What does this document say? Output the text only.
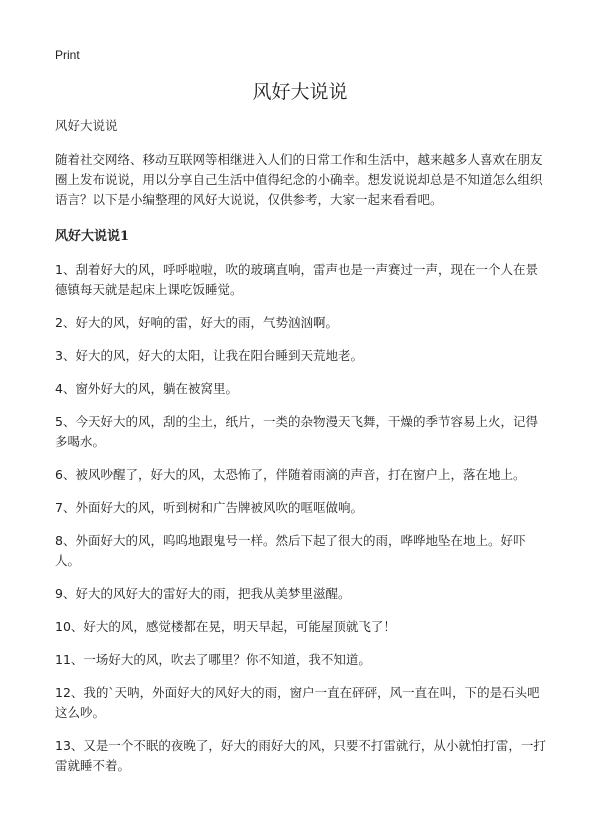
Print
风好大说说

风好大说说

随着社交网络、移动互联网等相继进入人们的日常工作和生活中，越来越多人喜欢在朋友圈上发布说说，用以分享自己生活中值得纪念的小确幸。想发说说却总是不知道怎么组织语言？以下是小编整理的风好大说说，仅供参考，大家一起来看看吧。

风好大说说1

1、刮着好大的风，呼呼啦啦，吹的玻璃直响，雷声也是一声赛过一声，现在一个人在景德镇每天就是起床上课吃饭睡觉。

2、好大的风，好响的雷，好大的雨，气势汹汹啊。

3、好大的风，好大的太阳，让我在阳台睡到天荒地老。

4、窗外好大的风，躺在被窝里。

5、今天好大的风，刮的尘土，纸片，一类的杂物漫天飞舞，干燥的季节容易上火，记得多喝水。

6、被风吵醒了，好大的风，太恐怖了，伴随着雨滴的声音，打在窗户上，落在地上。

7、外面好大的风，听到树和广告牌被风吹的哐哐做响。

8、外面好大的风，呜呜地跟鬼号一样。然后下起了很大的雨，哗哗地坠在地上。好吓人。

9、好大的风好大的雷好大的雨，把我从美梦里滋醒。

10、好大的风，感觉楼都在晃，明天早起，可能屋顶就飞了！

11、一场好大的风，吹去了哪里？你不知道，我不知道。

12、我的`天呐，外面好大的风好大的雨，窗户一直在砰砰，风一直在叫，下的是石头吧这么吵。

13、又是一个不眠的夜晚了，好大的雨好大的风，只要不打雷就行，从小就怕打雷，一打雷就睡不着。
